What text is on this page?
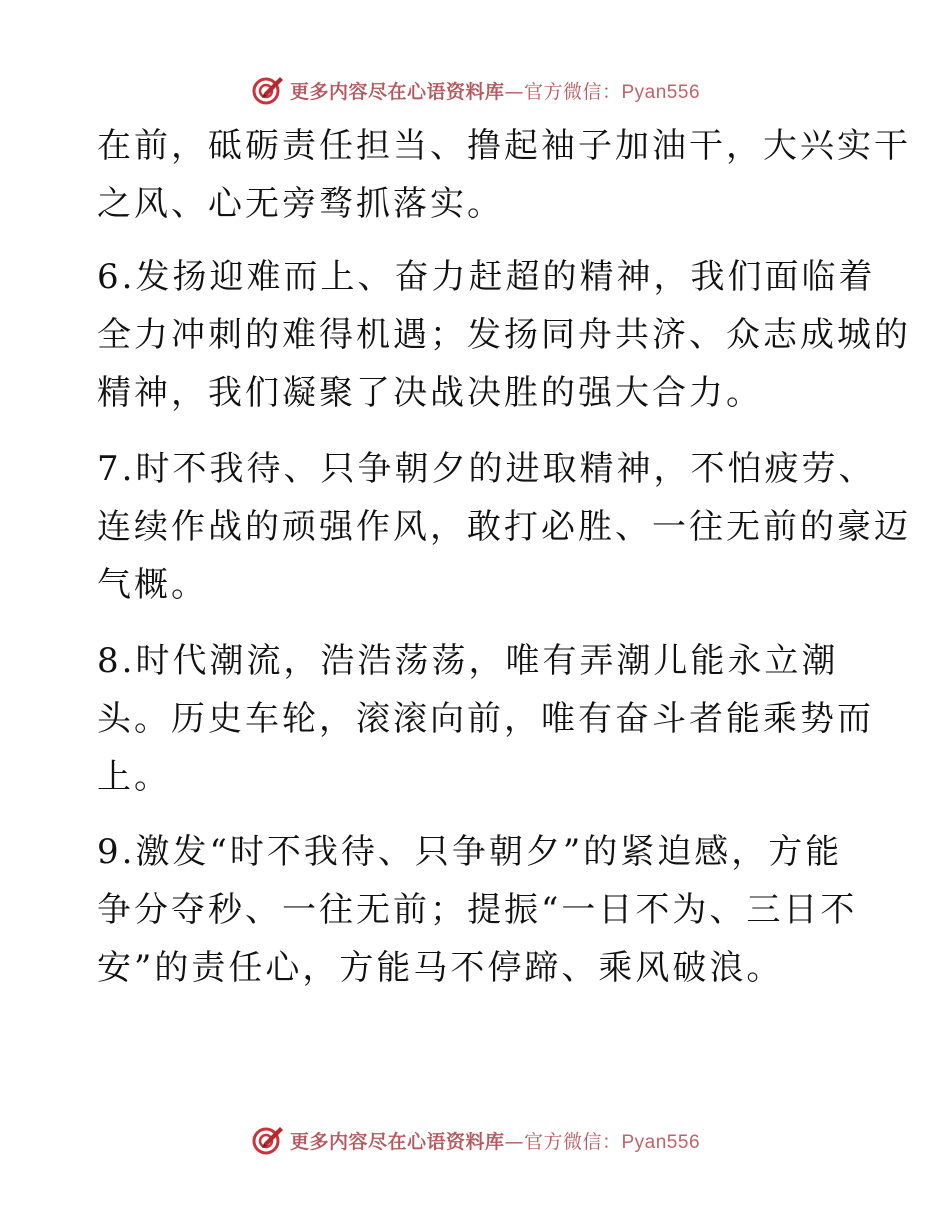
更多内容尽在心语资料库—官方微信：Pyan556

在前，砥砺责任担当、撸起袖子加油干，大兴实干
之风、心无旁骛抓落实。

6.发扬迎难而上、奋力赶超的精神，我们面临着
全力冲刺的难得机遇；发扬同舟共济、众志成城的
精神，我们凝聚了决战决胜的强大合力。

7.时不我待、只争朝夕的进取精神，不怕疲劳、
连续作战的顽强作风，敢打必胜、一往无前的豪迈
气概。

8.时代潮流，浩浩荡荡，唯有弄潮儿能永立潮
头。历史车轮，滚滚向前，唯有奋斗者能乘势而
上。

9.激发“时不我待、只争朝夕”的紧迫感，方能
争分夺秒、一往无前；提振“一日不为、三日不
安”的责任心，方能马不停蹄、乘风破浪。

更多内容尽在心语资料库—官方微信：Pyan556
